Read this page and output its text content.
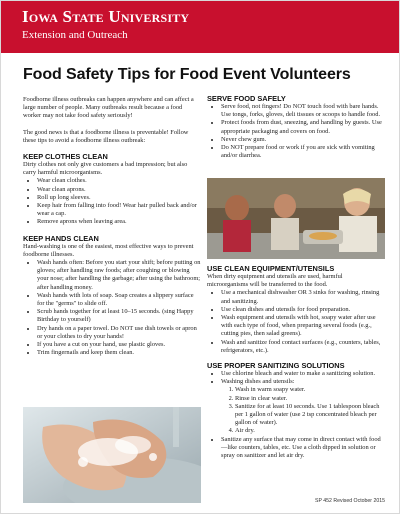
Iowa State University
Extension and Outreach
Food Safety Tips for Food Event Volunteers

Foodborne illness outbreaks can happen anywhere and can affect a large number of people. Many outbreaks result because a food worker may not take food safety seriously!

The good news is that a foodborne illness is preventable! Follow these tips to avoid a foodborne illness outbreak:

KEEP CLOTHES CLEAN

Dirty clothes not only give customers a bad impression; but also carry harmful microorganisms.

• Wear clean clothes.
• Wear clean aprons.
• Roll up long sleeves.
• Keep hair from falling into food! Wear hair pulled back and/or wear a cap.
• Remove aprons when leaving area.

KEEP HANDS CLEAN

Hand-washing is one of the easiest, most effective ways to prevent foodborne illnesses.

• Wash hands often: Before you start your shift; before putting on gloves; after handling raw foods; after coughing or blowing your nose; after handling the garbage; after using the bathroom; after handling money.
• Wash hands with lots of soap. Soap creates a slippery surface for the "germs" to slide off.
• Scrub hands together for at least 10–15 seconds. (sing Happy Birthday to yourself)
• Dry hands on a paper towel. Do NOT use dish towels or apron or your clothes to dry your hands!
• If you have a cut on your hand, use plastic gloves.
• Trim fingernails and keep them clean.

SERVE FOOD SAFELY

• Serve food, not fingers! Do NOT touch food with bare hands. Use tongs, forks, gloves, deli tissues or scoops to handle food.
• Protect foods from dust, sneezing, and handling by guests. Use appropriate packaging and covers on food.
• Never chew gum.
• Do NOT prepare food or work if you are sick with vomiting and/or diarrhea.

USE CLEAN EQUIPMENT/UTENSILS

When dirty equipment and utensils are used, harmful microorganisms will be transferred to the food.

• Use a mechanical dishwasher OR 3 sinks for washing, rinsing and sanitizing.
• Use clean dishes and utensils for food preparation.
• Wash equipment and utensils with hot, soapy water after use with each type of food, when preparing several foods (e.g., cutting pies, then salad greens).
• Wash and sanitize food contact surfaces (e.g., counters, tables, refrigerators, etc.).

USE PROPER SANITIZING SOLUTIONS

• Use chlorine bleach and water to make a sanitizing solution.
• Washing dishes and utensils:
1. Wash in warm soapy water.
2. Rinse in clear water.
3. Sanitize for at least 10 seconds. Use 1 tablespoon bleach per 1 gallon of water (use 2 tsp concentrated bleach per gallon of water).
4. Air dry.
• Sanitize any surface that may come in direct contact with food—like counters, tables, etc. Use a cloth dipped in solution or spray on sanitizer and let air dry.
SP 452 Revised October 2015
